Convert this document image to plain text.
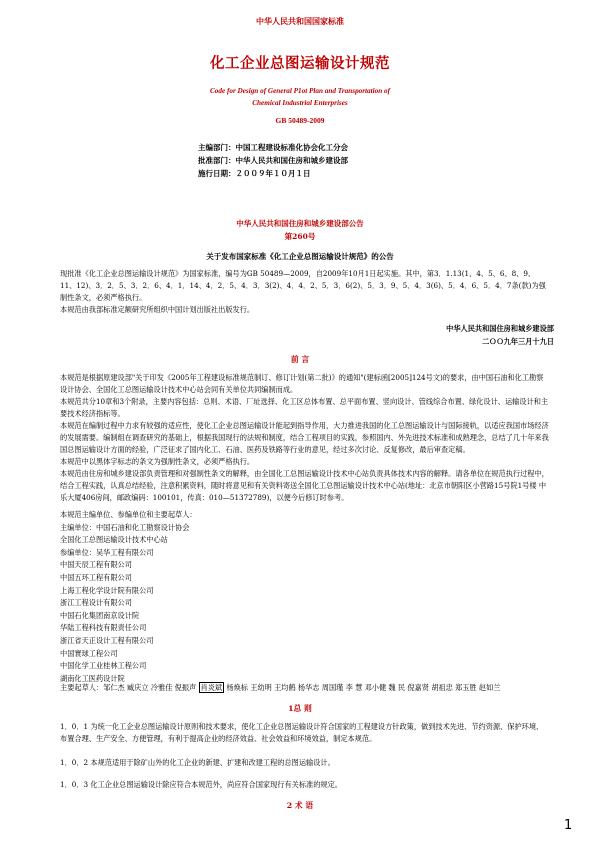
中华人民共和国国家标准
化工企业总图运输设计规范
Code for Design of General P1ot Plan and Transportation of
Chemical Industrial Enterprises
GB 50489-2009
主编部门：中国工程建设标准化协会化工分会
批准部门：中华人民共和国住房和城乡建设部
施行日期：２００９年１０月１日
中华人民共和国住房和城乡建设部公告
第260号
关于发布国家标准《化工企业总图运输设计规范》的公告

现批准《化工企业总图运输设计规范》为国家标准，编号为GB 50489—2009，自2009年10月1日起实施。其中，第3．1.13(1、4、5、6、8、9、11、12)、3．2．5、3．2．6、4．1．14、4．2．5、4．3．3(2)、4．4．2、5．3．6(2)、5．3．9、5．4．3(6)、5．4．6、5．4．7条(款)为强制性条文，必须严格执行。

本规范由我部标准定额研究所组织中国计划出版社出版发行。

中华人民共和国住房和城乡建设部
二ＯＯ九年三月十九日
前 言

本规范是根据原建设部"关于印发《2005年工程建设标准规范制订、修订计划(第二批)》的通知"(建标函[2005]124号文)的要求，由中国石油和化工勘察设计协会、全国化工总图运输设计技术中心站会同有关单位共同编制而成。

本规范共分10章和3个附录，主要内容包括：总则、术语、厂址选择、化工区总体布置、总平面布置、竖向设计、管线综合布置、绿化设计、运输设计和主要技术经济指标等。

本规范在编制过程中力求有较强的适应性，使化工企业总图运输设计能起到指导作用，大力推进我国的化工总图运输设计与国际接轨，以适应我国市场经济的发展需要。编制组在调查研究的基础上，根据我国现行的法规和制度，结合工程项目的实践，参照国内、外先进技术标准和成熟理念，总结了几十年来我国总图运输设计方面的经验，广泛征求了国内化工、石油、医药及铁路等行业的意见，经过多次讨论、反复修改，最后审查定稿。

本规范中以黑体字标志的条文为强制性条文，必须严格执行。

本规范由住房和城乡建设部负责管理和对强制性条文的解释，由全国化工总图运输设计技术中心站负责具体技术内容的解释。请各单位在规范执行过程中，结合工程实践，认真总结经验，注意积累资料，随时将意见和有关资料寄送全国化工总图运输设计技术中心站(地址：北京市朝阳区小营路15号院1号楼 中乐大厦406房间，邮政编码：100101，传真：010—51372789)，以便今后修订时参考。

本规范主编单位、参编单位和主要起草人：
主编单位：中国石油和化工勘察设计协会
全国化工总图运输设计技术中心站
参编单位：吴华工程有限公司
中国天辰工程有限公司
中国五环工程有限公司
上海工程化学设计院有限公司
浙江工程设计有限公司
中国石化集团南京设计院
华陆工程科技有限责任公司
浙江省天正设计工程有限公司
中国寰球工程公司
中国化学工业桂林工程公司
湖南化工医药设计院
主要起草人：邹仁杰 臧庆立 冷雅佳 倪振声 肖炎斌 杨焕标 王幼明 王均鹤 杨华志 周国瑾 李 慧 邓小健 魏 民 倪嘉贤 胡祖忠 郑玉胜 赵如兰
1总 则
1．0．1 为统一化工企业总图运输设计原则和技术要求，使化工企业总图运输设计符合国家的工程建设方针政策，做到技术先进、节约资源、保护环境、布置合理、生产安全、方便管理，有利于提高企业的经济效益、社会效益和环境效益，制定本规范。
1．0．2 本规范适用于除矿山外的化工企业的新建、扩建和改建工程的总图运输设计。
1．0．3 化工企业总图运输设计除应符合本规范外，尚应符合国家现行有关标准的规定。
2 术 语
1
